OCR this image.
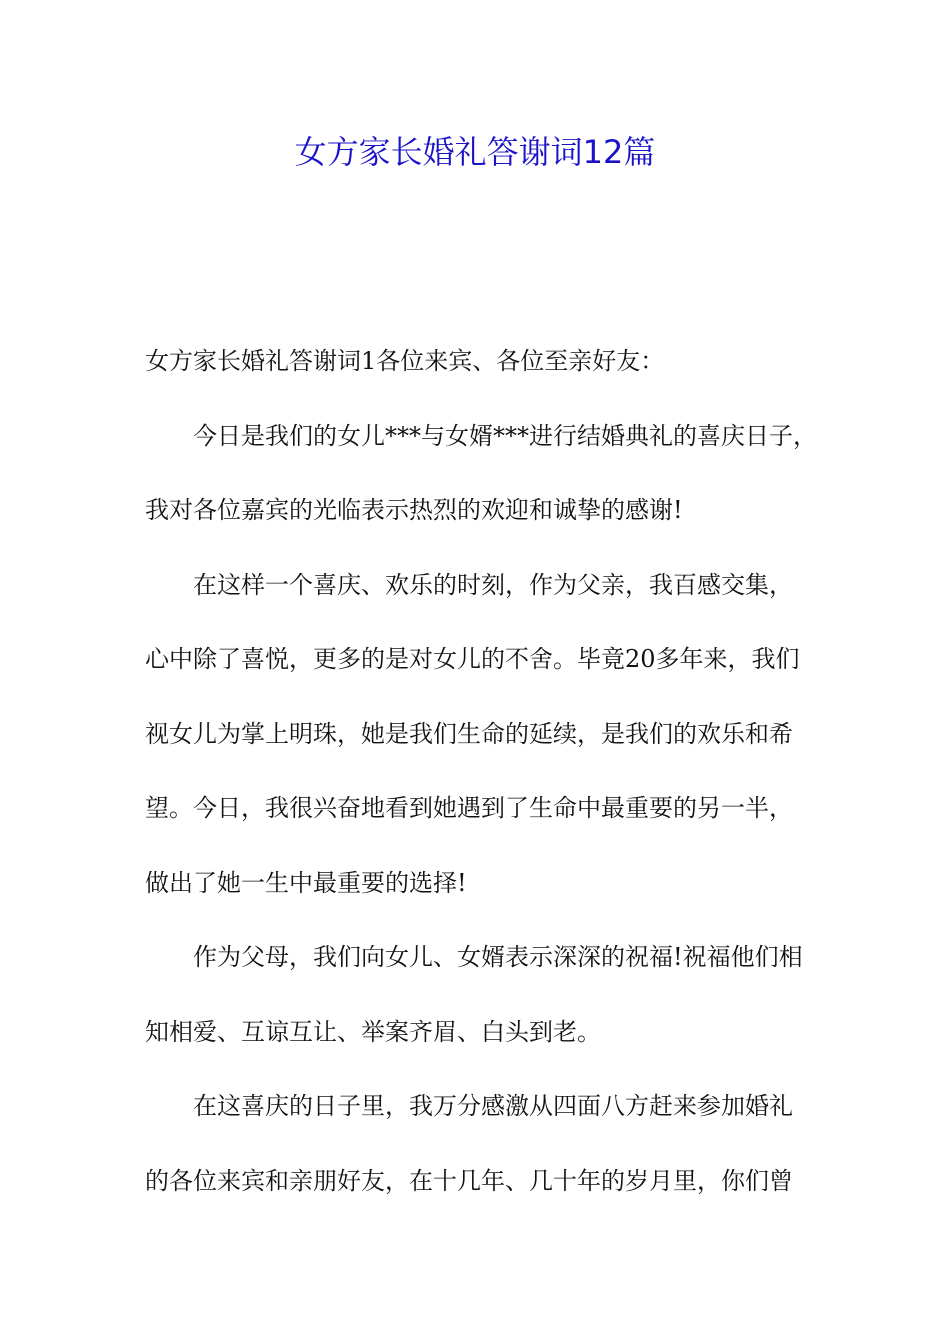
女方家长婚礼答谢词12篇
女方家长婚礼答谢词1各位来宾、各位至亲好友：
今日是我们的女儿***与女婿***进行结婚典礼的喜庆日子，
我对各位嘉宾的光临表示热烈的欢迎和诚挚的感谢!
在这样一个喜庆、欢乐的时刻，作为父亲，我百感交集，
心中除了喜悦，更多的是对女儿的不舍。毕竟20多年来，我们
视女儿为掌上明珠，她是我们生命的延续，是我们的欢乐和希
望。今日，我很兴奋地看到她遇到了生命中最重要的另一半，
做出了她一生中最重要的选择!
作为父母，我们向女儿、女婿表示深深的祝福!祝福他们相
知相爱、互谅互让、举案齐眉、白头到老。
在这喜庆的日子里，我万分感激从四面八方赶来参加婚礼
的各位来宾和亲朋好友，在十几年、几十年的岁月里，你们曾
